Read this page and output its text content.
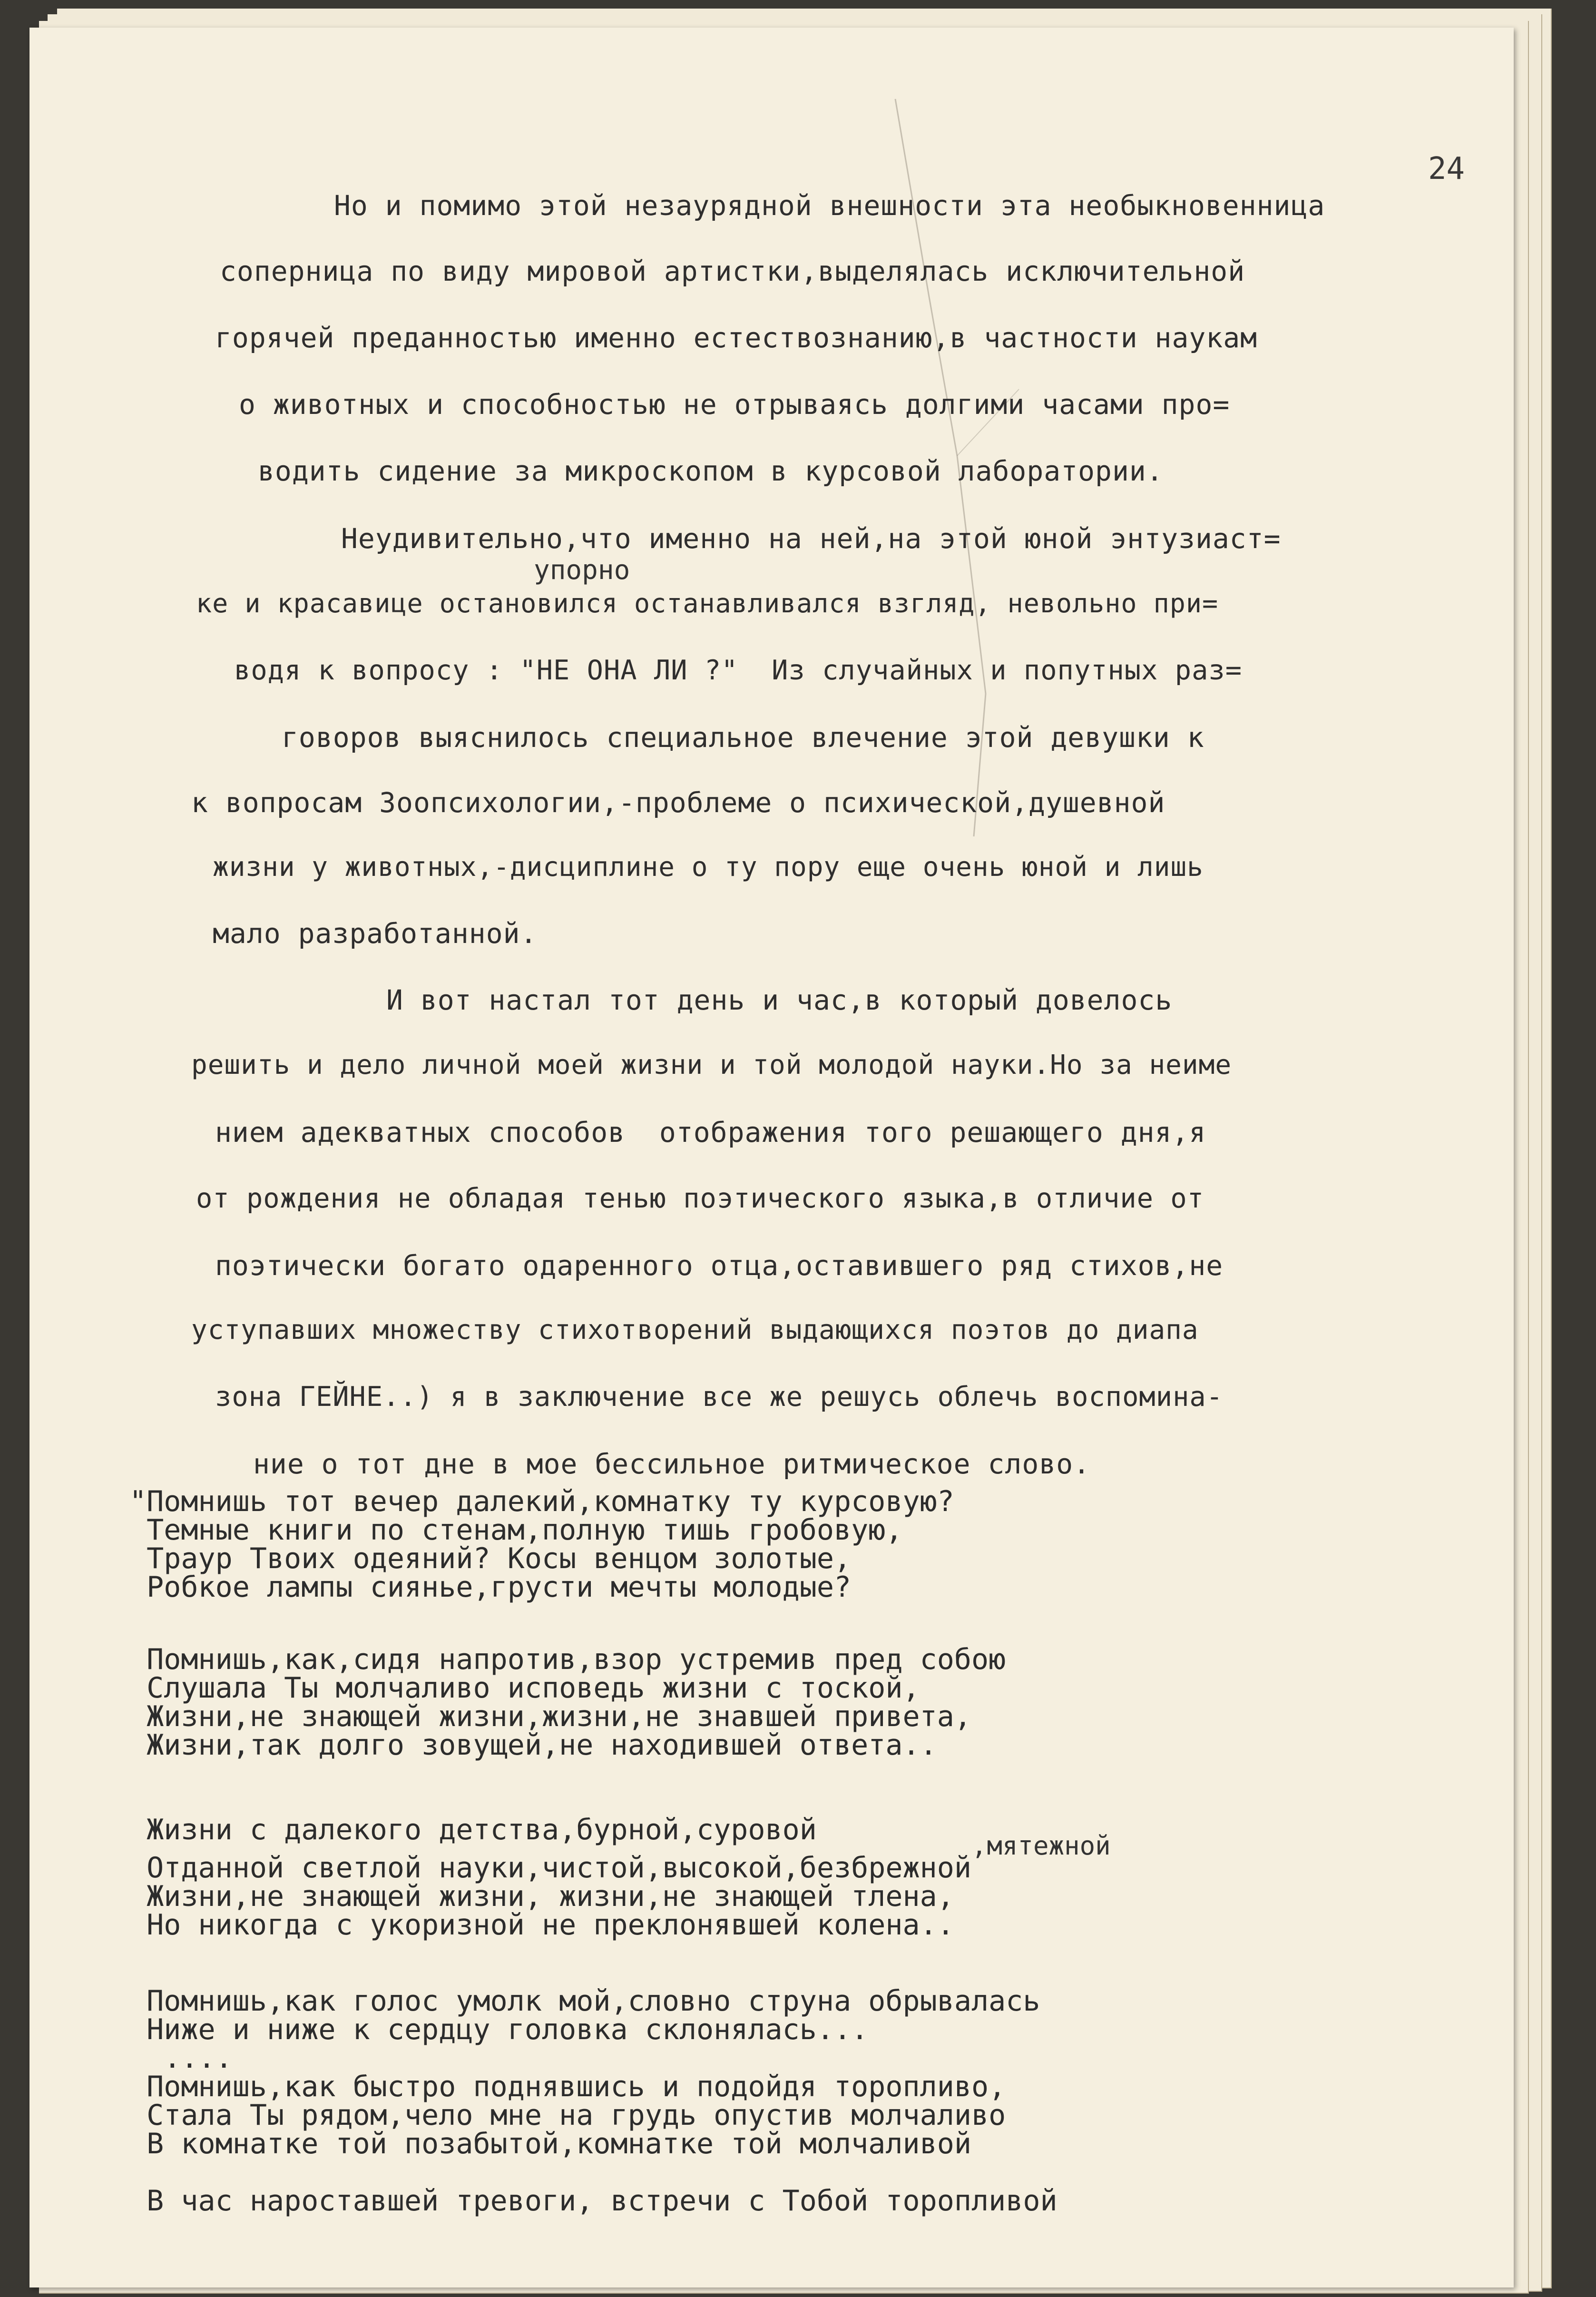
24
Но и помимо этой незаурядной внешности эта необыкновенница
соперница по виду мировой артистки,выделялась исключительной
горячей преданностью именно естествознанию,в частности наукам
о животных и способностью не отрываясь долгими часами про=
водить сидение за микроскопом в курсовой лаборатории.
Неудивительно,что именно на ней,на этой юной энтузиаст=
упорно
ке и красавице остановился останавливался взгляд, невольно при=
водя к вопросу : "НЕ ОНА ЛИ ?"  Из случайных и попутных раз=
говоров выяснилось специальное влечение этой девушки к
к вопросам Зоопсихологии,-проблеме о психической,душевной
жизни у животных,-дисциплине о ту пору еще очень юной и лишь
мало разработанной.
И вот настал тот день и час,в который довелось
решить и дело личной моей жизни и той молодой науки.Но за неиме
нием адекватных способов  отображения того решающего дня,я
от рождения не обладая тенью поэтического языка,в отличие от
поэтически богато одаренного отца,оставившего ряд стихов,не
уступавших множеству стихотворений выдающихся поэтов до диапа
зона ГЕЙНЕ..) я в заключение все же решусь облечь воспомина-
ние о тот дне в мое бессильное ритмическое слово.
"Помнишь тот вечер далекий,комнатку ту курсовую?
Темные книги по стенам,полную тишь гробовую,
Траур Твоих одеяний? Косы венцом золотые,
Робкое лампы сиянье,грусти мечты молодые?
Помнишь,как,сидя напротив,взор устремив пред собою
Слушала Ты молчаливо исповедь жизни с тоской,
Жизни,не знающей жизни,жизни,не знавшей привета,
Жизни,так долго зовущей,не находившей ответа..
Жизни с далекого детства,бурной,суровой	,мятежной
Отданной светлой науки,чистой,высокой,безбрежной
Жизни,не знающей жизни, жизни,не знающей тлена,
Но никогда с укоризной не преклонявшей колена..
Помнишь,как голос умолк мой,словно струна обрывалась
Ниже и ниже к сердцу головка склонялась...
....
Помнишь,как быстро поднявшись и подойдя торопливо,
Стала Ты рядом,чело мне на грудь опустив молчаливо
В комнатке той позабытой,комнатке той молчаливой
В час нароставшей тревоги, встречи с Тобой торопливой
